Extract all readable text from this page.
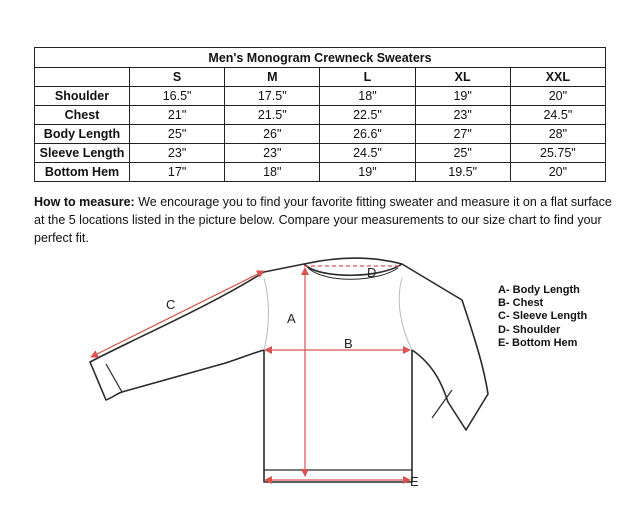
Men's Monogram Crewneck Sweaters					
	S	M	L	XL	XXL
Shoulder	16.5"	17.5"	18"	19"	20"
Chest	21"	21.5"	22.5"	23"	24.5"
Body Length	25"	26"	26.6"	27"	28"
Sleeve Length	23"	23"	24.5"	25"	25.75"
Bottom Hem	17"	18"	19"	19.5"	20"
How to measure: We encourage you to find your favorite fitting sweater and measure it on a flat surface at the 5 locations listed in the picture below. Compare your measurements to our size chart to find your perfect fit.
C
A
B
D
E
A- Body Length
B- Chest
C- Sleeve Length
D- Shoulder
E- Bottom Hem
